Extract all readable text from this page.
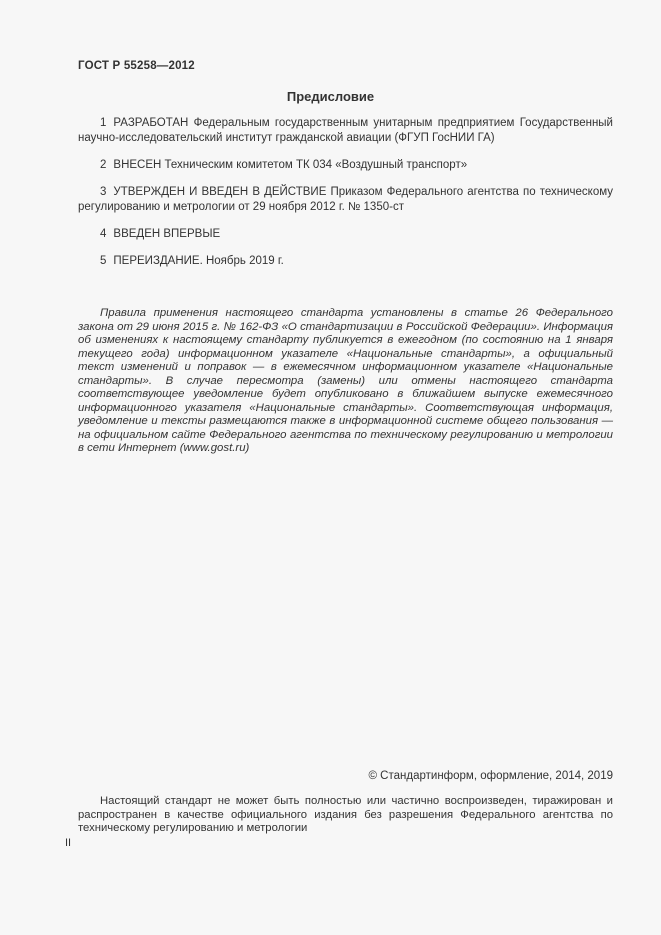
ГОСТ Р 55258—2012
Предисловие

1 РАЗРАБОТАН Федеральным государственным унитарным предприятием Государственный научно-исследовательский институт гражданской авиации (ФГУП ГосНИИ ГА)

2 ВНЕСЕН Техническим комитетом ТК 034 «Воздушный транспорт»

3 УТВЕРЖДЕН И ВВЕДЕН В ДЕЙСТВИЕ Приказом Федерального агентства по техническому регулированию и метрологии от 29 ноября 2012 г. № 1350-ст

4 ВВЕДЕН ВПЕРВЫЕ

5 ПЕРЕИЗДАНИЕ. Ноябрь 2019 г.

Правила применения настоящего стандарта установлены в статье 26 Федерального закона от 29 июня 2015 г. № 162-ФЗ «О стандартизации в Российской Федерации». Информация об изменениях к настоящему стандарту публикуется в ежегодном (по состоянию на 1 января текущего года) информационном указателе «Национальные стандарты», а официальный текст изменений и поправок — в ежемесячном информационном указателе «Национальные стандарты». В случае пересмотра (замены) или отмены настоящего стандарта соответствующее уведомление будет опубликовано в ближайшем выпуске ежемесячного информационного указателя «Национальные стандарты». Соответствующая информация, уведомление и тексты размещаются также в информационной системе общего пользования — на официальном сайте Федерального агентства по техническому регулированию и метрологии в сети Интернет (www.gost.ru)
© Стандартинформ, оформление, 2014, 2019
Настоящий стандарт не может быть полностью или частично воспроизведен, тиражирован и распространен в качестве официального издания без разрешения Федерального агентства по техническому регулированию и метрологии
II
